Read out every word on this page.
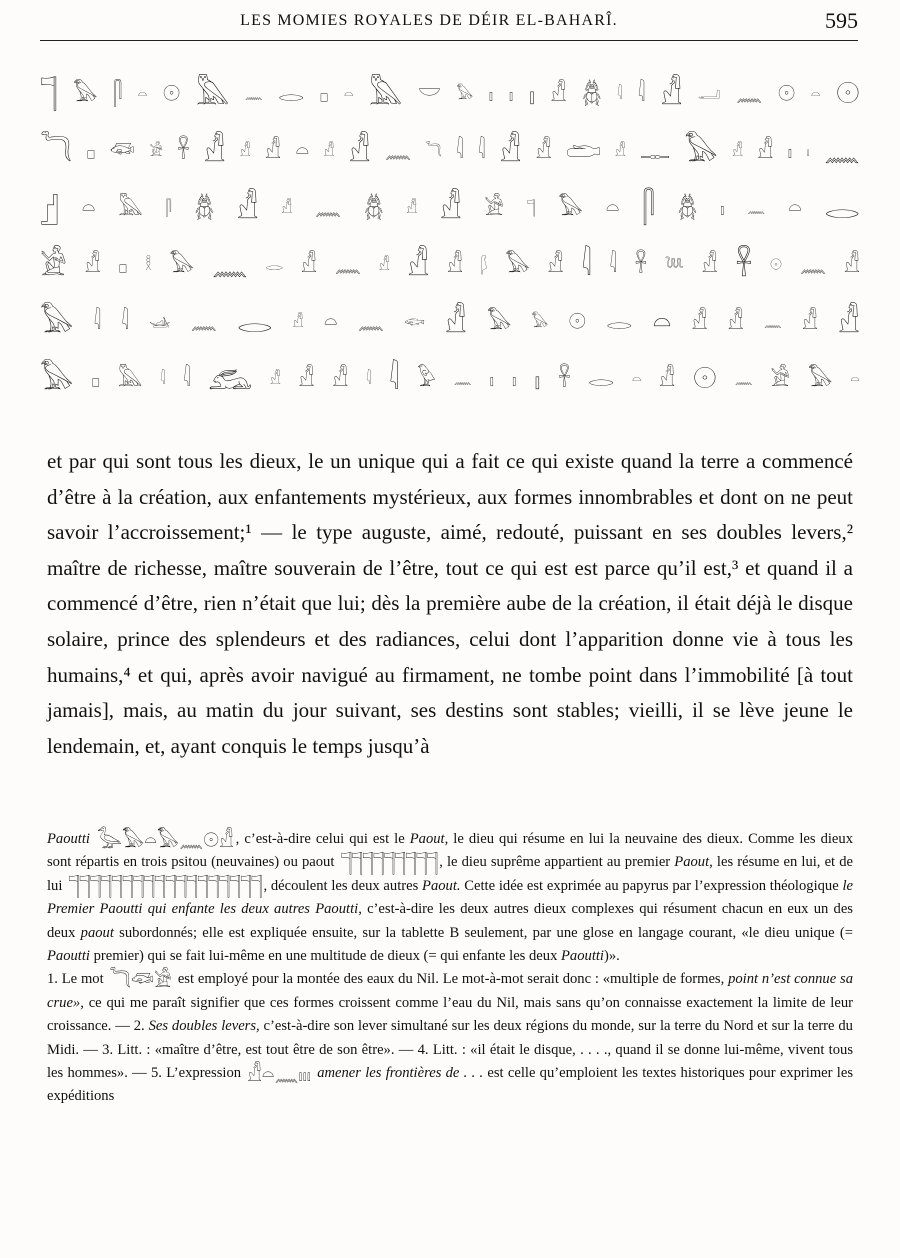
LES MOMIES ROYALES DE DÉIR EL-BAHARÎ.	595
𓊹 𓅃 𓋴 𓏏 𓇳 𓅓 𓈖 𓂋 𓊪 𓏏 𓅓 𓎟 𓅃 𓏤 𓏤 𓏤 𓀭 𓆣 𓇋 𓇋 𓀭 𓂝 𓈖 𓇳 𓏏 𓇳
𓆓 𓊪 𓆛 𓀀 𓋹 𓀭 𓀭 𓀭 𓏏 𓀭 𓀭 𓈖 𓆓 𓇋 𓇋 𓀭 𓀭 𓂧 𓀭 𓊃 𓅃 𓀭 𓀭 𓏤 𓏤 𓈖
𓊨 𓏏 𓅓 𓋴 𓆣 𓀭 𓀭 𓈖 𓆣 𓀭 𓀭 𓀀 𓊹 𓅃 𓏏 𓋴 𓆣 𓏤 𓈖 𓏏 𓂋
𓀀 𓀭 𓊪 𓎛 𓅃 𓈖 𓂋 𓀭 𓈖 𓀭 𓀭 𓀭 𓆄 𓅃 𓀭 𓇋 𓇋 𓋹 𓆙 𓀭 𓋹 𓇳 𓈖 𓀭
𓅃 𓇋 𓇋 𓊛 𓈖 𓂋 𓀭 𓏏 𓈖 𓆟 𓀭 𓅃 𓅃 𓇳 𓂋 𓏏 𓀭 𓀭 𓈖 𓀭 𓀭
𓅃 𓊪 𓅓 𓇋 𓇋 𓃹 𓀭 𓀭 𓀭 𓇋 𓇋 𓅱 𓈖 𓏤 𓏤 𓏤 𓋹 𓂋 𓏏 𓀭 𓇳 𓈖 𓀀 𓅃 𓏏

et par qui sont tous les dieux, le un unique qui a fait ce qui existe quand la terre a commencé d’être à la création, aux enfantements mystérieux, aux formes innombrables et dont on ne peut savoir l’accroissement;¹ — le type auguste, aimé, redouté, puissant en ses doubles levers,² maître de richesse, maître souverain de l’être, tout ce qui est est parce qu’il est,³ et quand il a commencé d’être, rien n’était que lui; dès la première aube de la création, il était déjà le disque solaire, prince des splendeurs et des radiances, celui dont l’apparition donne vie à tous les humains,⁴ et qui, après avoir navigué au firmament, ne tombe point dans l’immobilité [à tout jamais], mais, au matin du jour suivant, ses destins sont stables; vieilli, il se lève jeune le lendemain, et, ayant conquis le temps jusqu’à

Paoutti 𓅭𓅃𓏏𓅃𓈖𓇳𓀭 , c’est-à-dire celui qui est le Paout, le dieu qui résume en lui la neuvaine des dieux. Comme les dieux sont répartis en trois psitou (neuvaines) ou paout 𓊹𓊹𓊹𓊹𓊹𓊹𓊹𓊹𓊹 , le dieu suprême appartient au premier Paout, les résume en lui, et de lui 𓊹𓊹𓊹𓊹𓊹𓊹𓊹𓊹𓊹𓊹𓊹𓊹𓊹𓊹𓊹𓊹𓊹𓊹 , découlent les deux autres Paout. Cette idée est exprimée au papyrus par l’expression théologique le Premier Paoutti qui enfante les deux autres Paoutti, c’est-à-dire les deux autres dieux complexes qui résument chacun en eux un des deux paout subordonnés; elle est expliquée ensuite, sur la tablette B seulement, par une glose en langage courant, «le dieu unique (= Paoutti premier) qui se fait lui-même en une multitude de dieux (= qui enfante les deux Paoutti)».

1. Le mot 𓆓𓆛𓀀 est employé pour la montée des eaux du Nil. Le mot-à-mot serait donc : «multiple de formes, point n’est connue sa crue», ce qui me paraît signifier que ces formes croissent comme l’eau du Nil, mais sans qu’on connaisse exactement la limite de leur croissance. — 2. Ses doubles levers, c’est-à-dire son lever simultané sur les deux régions du monde, sur la terre du Nord et sur la terre du Midi. — 3. Litt. : «maître d’être, est tout être de son être». — 4. Litt. : «il était le disque, . . . ., quand il se donne lui-même, vivent tous les hommes». — 5. L’expression 𓀭𓏏𓈖𓏤𓏤𓏤 amener les frontières de . . . est celle qu’emploient les textes historiques pour exprimer les expéditions
